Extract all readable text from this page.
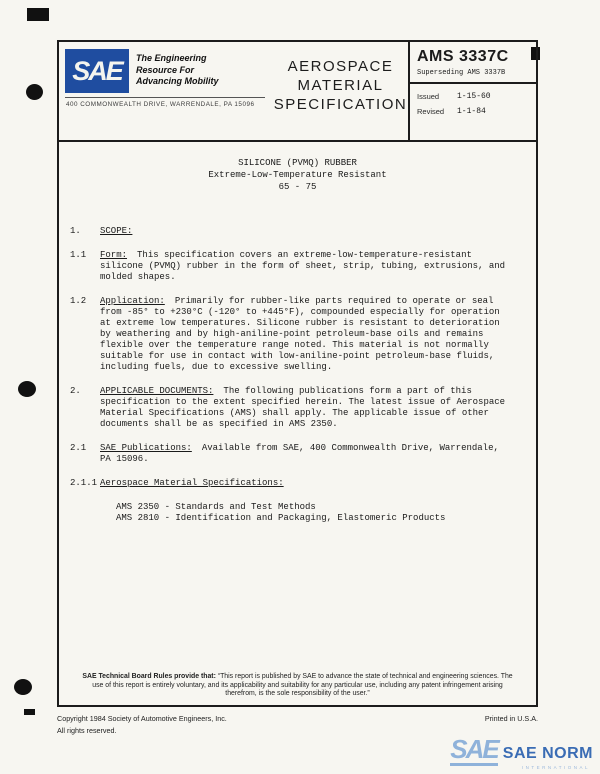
SAE	The Engineering
Resource For
Advancing Mobility
400 COMMONWEALTH DRIVE, WARRENDALE, PA 15096
AEROSPACE
MATERIAL
SPECIFICATION
AMS 3337C
Superseding AMS 3337B
Issued	1-15-60
Revised	1-1-84
SILICONE (PVMQ) RUBBER
Extreme-Low-Temperature Resistant
65 - 75
1. SCOPE:
1.1 Form: This specification covers an extreme-low-temperature-resistant silicone (PVMQ) rubber in the form of sheet, strip, tubing, extrusions, and molded shapes.
1.2 Application: Primarily for rubber-like parts required to operate or seal from -85° to +230°C (-120° to +445°F), compounded especially for operation at extreme low temperatures. Silicone rubber is resistant to deterioration by weathering and by high-aniline-point petroleum-base oils and remains flexible over the temperature range noted. This material is not normally suitable for use in contact with low-aniline-point petroleum-base fluids, including fuels, due to excessive swelling.
2. APPLICABLE DOCUMENTS: The following publications form a part of this specification to the extent specified herein. The latest issue of Aerospace Material Specifications (AMS) shall apply. The applicable issue of other documents shall be as specified in AMS 2350.
2.1 SAE Publications: Available from SAE, 400 Commonwealth Drive, Warrendale, PA 15096.
2.1.1 Aerospace Material Specifications:
AMS 2350 - Standards and Test Methods
AMS 2810 - Identification and Packaging, Elastomeric Products
SAE Technical Board Rules provide that: “This report is published by SAE to advance the state of technical and engineering sciences. The use of this report is entirely voluntary, and its applicability and suitability for any particular use, including any patent infringement arising therefrom, is the sole responsibility of the user.”
Copyright 1984 Society of Automotive Engineers, Inc.	Printed in U.S.A.
All rights reserved.
SAE SAE NORM
INTERNATIONAL
